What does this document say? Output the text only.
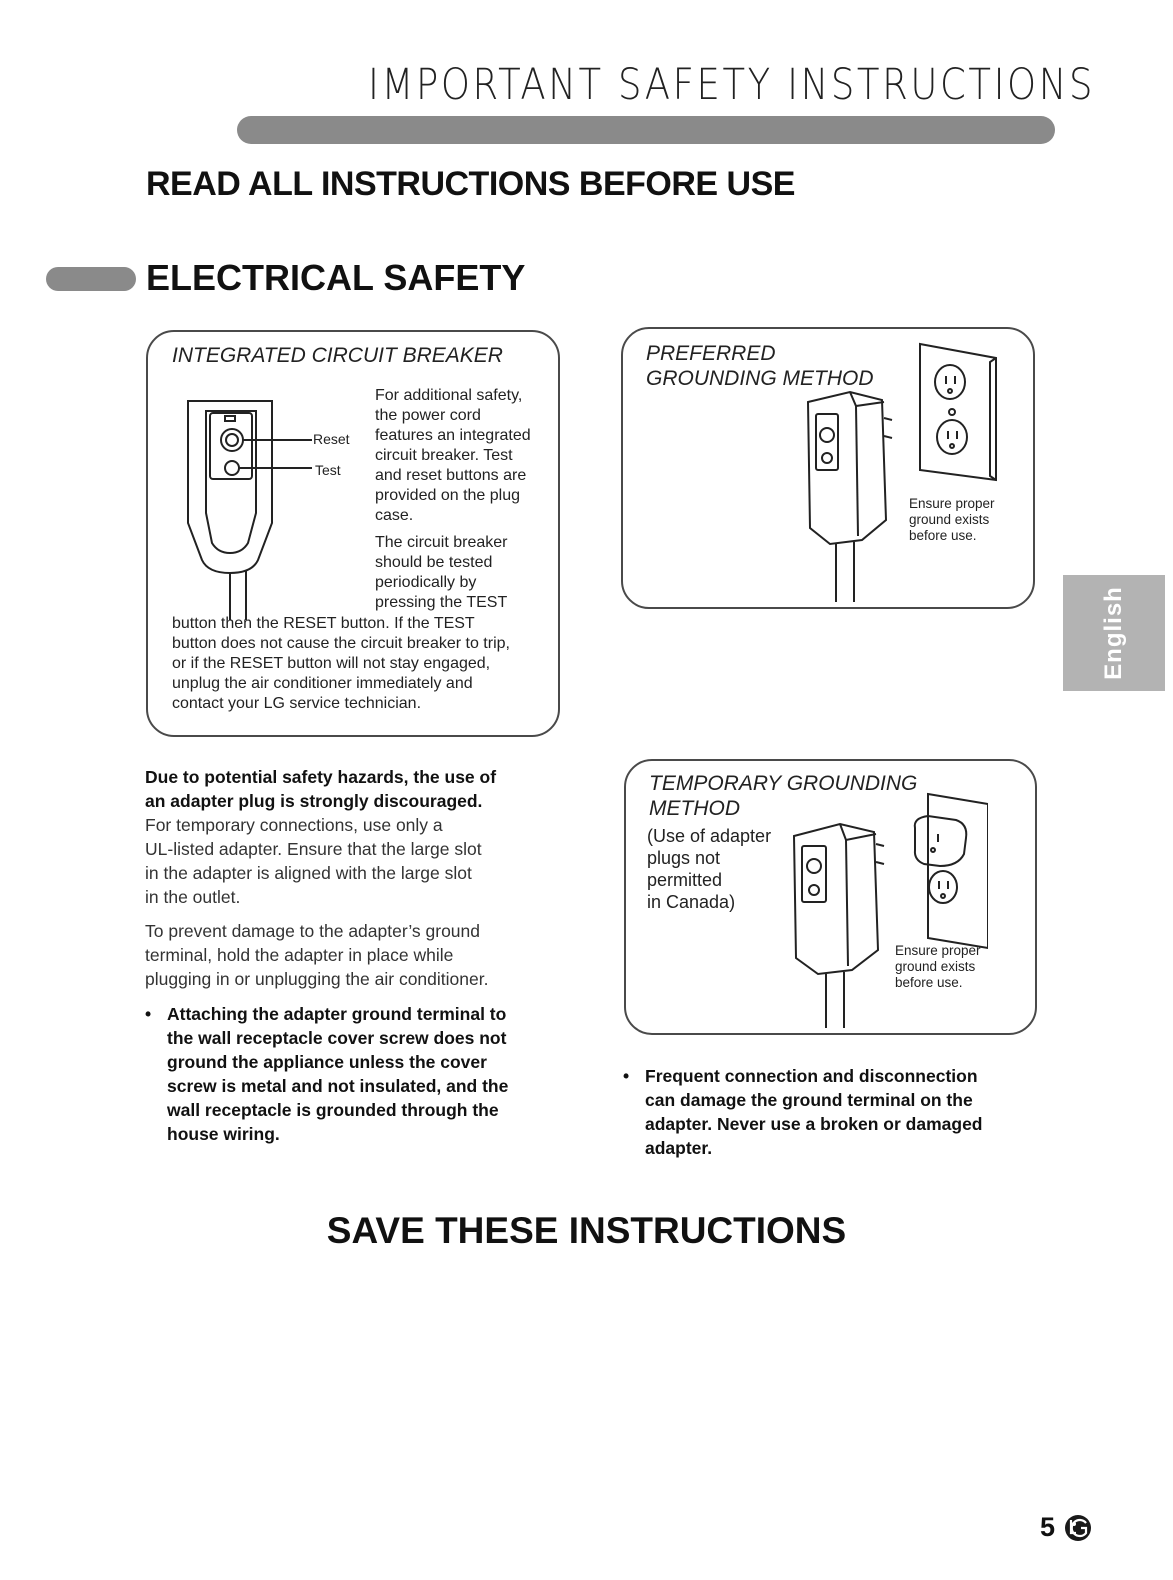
IMPORTANT SAFETY INSTRUCTIONS
READ ALL INSTRUCTIONS BEFORE USE
ELECTRICAL SAFETY
INTEGRATED CIRCUIT BREAKER
Reset
Test
For additional safety,
the power cord
features an integrated
circuit breaker. Test
and reset buttons are
provided on the plug
case.
The circuit breaker
should be tested
periodically by
pressing the TEST
button then the RESET button. If the TEST
button does not cause the circuit breaker to trip,
or if the RESET button will not stay engaged,
unplug the air conditioner immediately and
contact your LG service technician.
PREFERRED
GROUNDING METHOD
Ensure proper
ground exists
before use.
TEMPORARY GROUNDING
METHOD
(Use of adapter
plugs not
permitted
in Canada)
Ensure proper
ground exists
before use.
Due to potential safety hazards, the use of
an adapter plug is strongly discouraged.
For temporary connections, use only a
UL-listed adapter. Ensure that the large slot
in the adapter is aligned with the large slot
in the outlet.
To prevent damage to the adapter’s ground
terminal, hold the adapter in place while
plugging in or unplugging the air conditioner.
• Attaching the adapter ground terminal to
the wall receptacle cover screw does not
ground the appliance unless the cover
screw is metal and not insulated, and the
wall receptacle is grounded through the
house wiring.
• Frequent connection and disconnection
can damage the ground terminal on the
adapter. Never use a broken or damaged
adapter.
SAVE THESE INSTRUCTIONS
English
5
